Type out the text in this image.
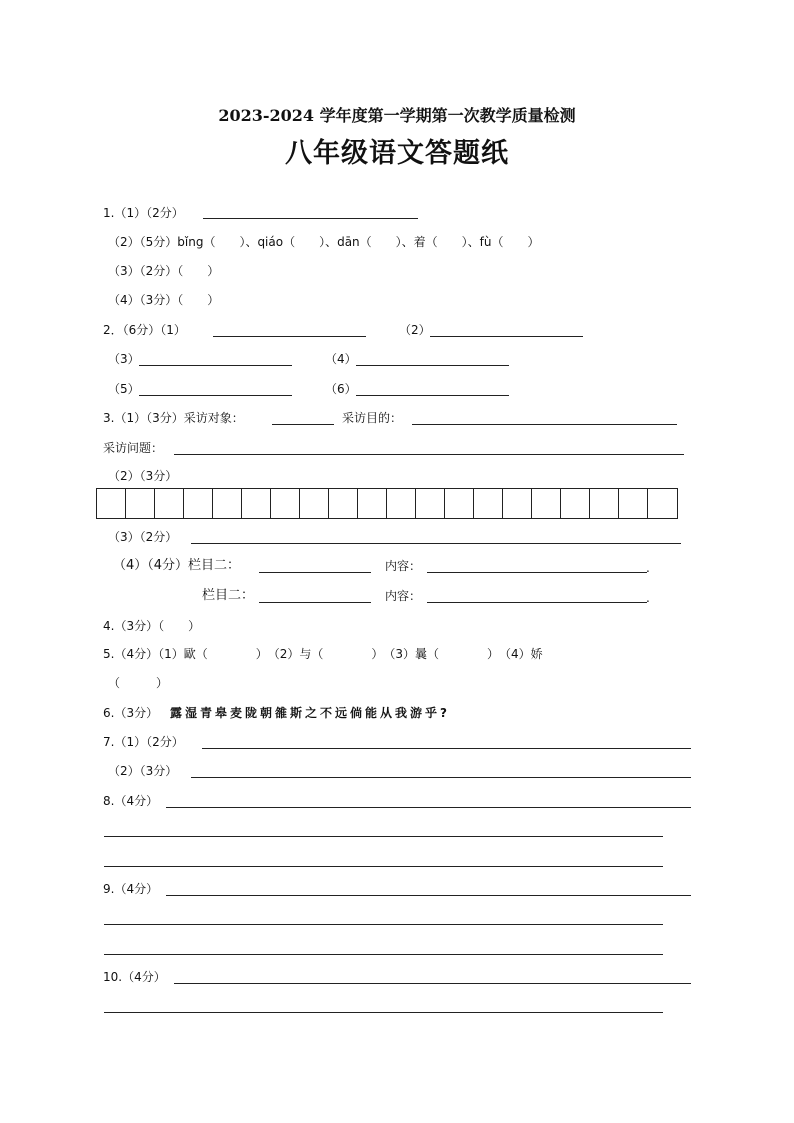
2023-2024 学年度第一学期第一次教学质量检测
八年级语文答题纸
1.（1）（2分）
（2）（5分）bǐng（　　）、qiáo（　　）、dān（　　）、着（　　）、fù（　　）
（3）（2分）（　　）
（4）（3分）（　　）
2．（6分）（1）	（2）
（3）	（4）
（5）	（6）
3.（1）（3分）采访对象：	采访目的：
采访问题：
（2）（3分）
（3）（2分）
（4）（4分）栏目二：	内容：	.
栏目二：	内容：	.
4.（3分）（　　）
5.（4分）（1）歐（　　　　）　（2）与（　　　　）　（3）曩（　　　　）　（4）娇
（　　　）
6.（3分） 露湿青皋麦陇朝雒斯之不远倘能从我游乎?
7.（1）（2分）
（2）（3分）
8.（4分）
9.（4分）
10.（4分）
